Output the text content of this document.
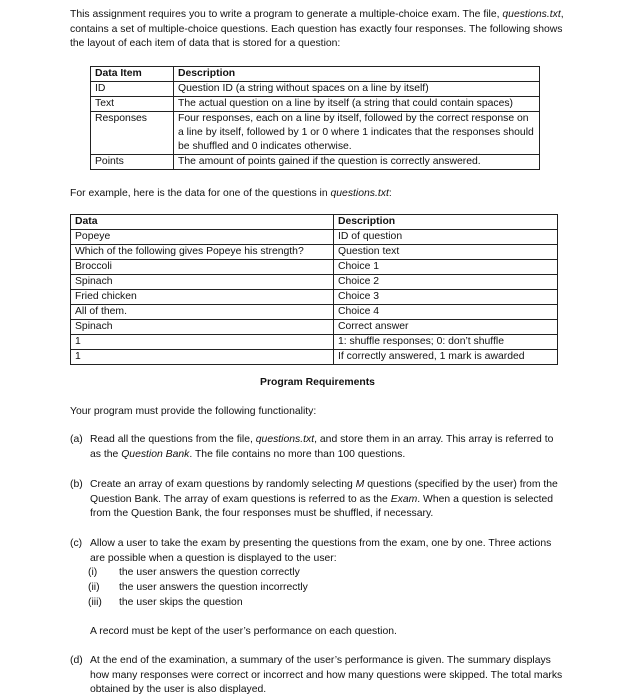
This assignment requires you to write a program to generate a multiple-choice exam. The file, questions.txt, contains a set of multiple-choice questions. Each question has exactly four responses. The following shows the layout of each item of data that is stored for a question:

Data Item	Description
ID	Question ID (a string without spaces on a line by itself)
Text	The actual question on a line by itself (a string that could contain spaces)
Responses	Four responses, each on a line by itself, followed by the correct response on a line by itself, followed by 1 or 0 where 1 indicates that the responses should be shuffled and 0 indicates otherwise.
Points	The amount of points gained if the question is correctly answered.

For example, here is the data for one of the questions in questions.txt:

Data	Description
Popeye	ID of question
Which of the following gives Popeye his strength?	Question text
Broccoli	Choice 1
Spinach	Choice 2
Fried chicken	Choice 3
All of them.	Choice 4
Spinach	Correct answer
1	1: shuffle responses; 0: don’t shuffle
1	If correctly answered, 1 mark is awarded

Program Requirements

Your program must provide the following functionality:

(a) Read all the questions from the file, questions.txt, and store them in an array. This array is referred to as the Question Bank. The file contains no more than 100 questions.

(b) Create an array of exam questions by randomly selecting M questions (specified by the user) from the Question Bank. The array of exam questions is referred to as the Exam. When a question is selected from the Question Bank, the four responses must be shuffled, if necessary.

(c) Allow a user to take the exam by presenting the questions from the exam, one by one. Three actions are possible when a question is displayed to the user:

(i) the user answers the question correctly
(ii) the user answers the question incorrectly
(iii) the user skips the question

A record must be kept of the user’s performance on each question.

(d) At the end of the examination, a summary of the user’s performance is given. The summary displays how many responses were correct or incorrect and how many questions were skipped. The total marks obtained by the user is also displayed.
